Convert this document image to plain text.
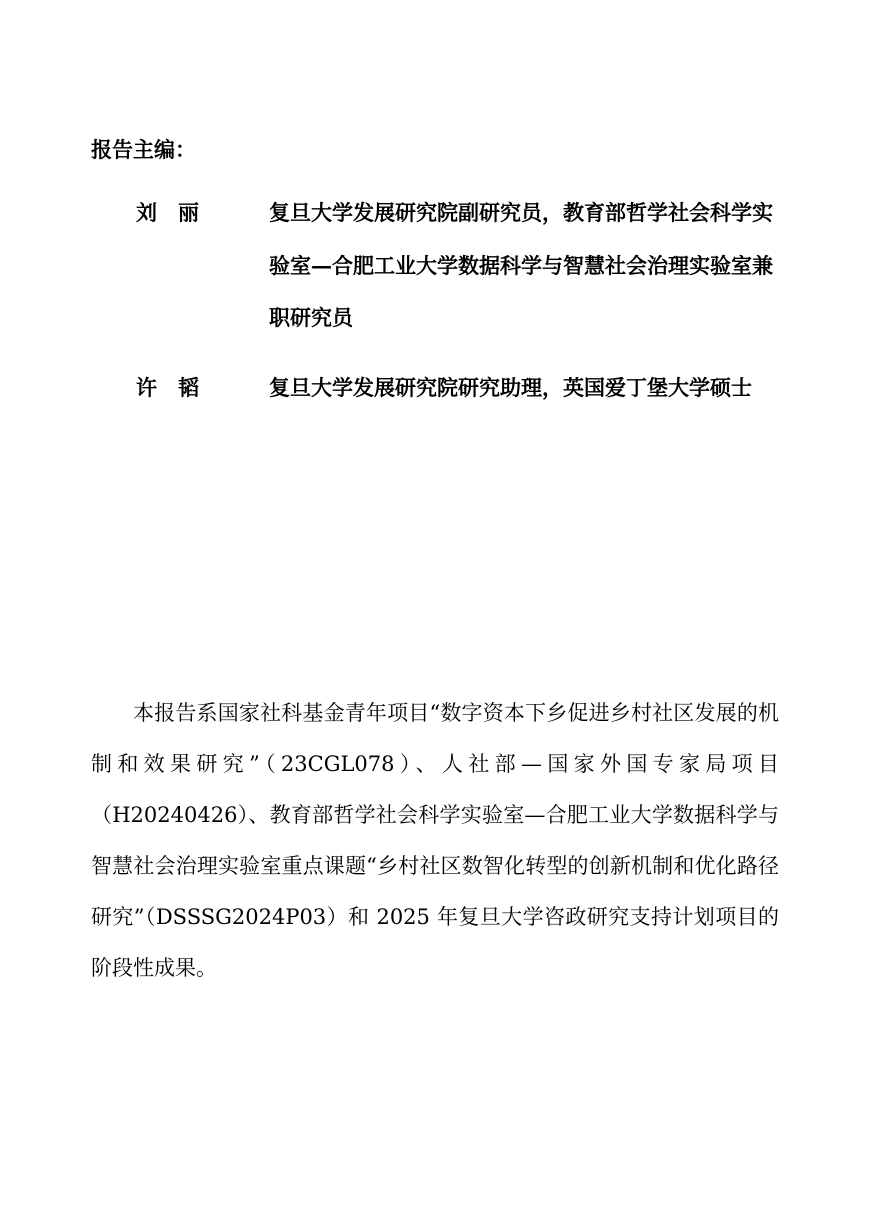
报告主编：
刘　丽	复旦大学发展研究院副研究员，教育部哲学社会科学实验室—合肥工业大学数据科学与智慧社会治理实验室兼职研究员

许　韬	复旦大学发展研究院研究助理，英国爱丁堡大学硕士

本报告系国家社科基金青年项目“数字资本下乡促进乡村社区发展的机制和效果研究”（23CGL078）、人社部—国家外国专家局项目（H20240426）、教育部哲学社会科学实验室—合肥工业大学数据科学与智慧社会治理实验室重点课题“乡村社区数智化转型的创新机制和优化路径研究”（DSSSG2024P03）和 2025 年复旦大学咨政研究支持计划项目的阶段性成果。
